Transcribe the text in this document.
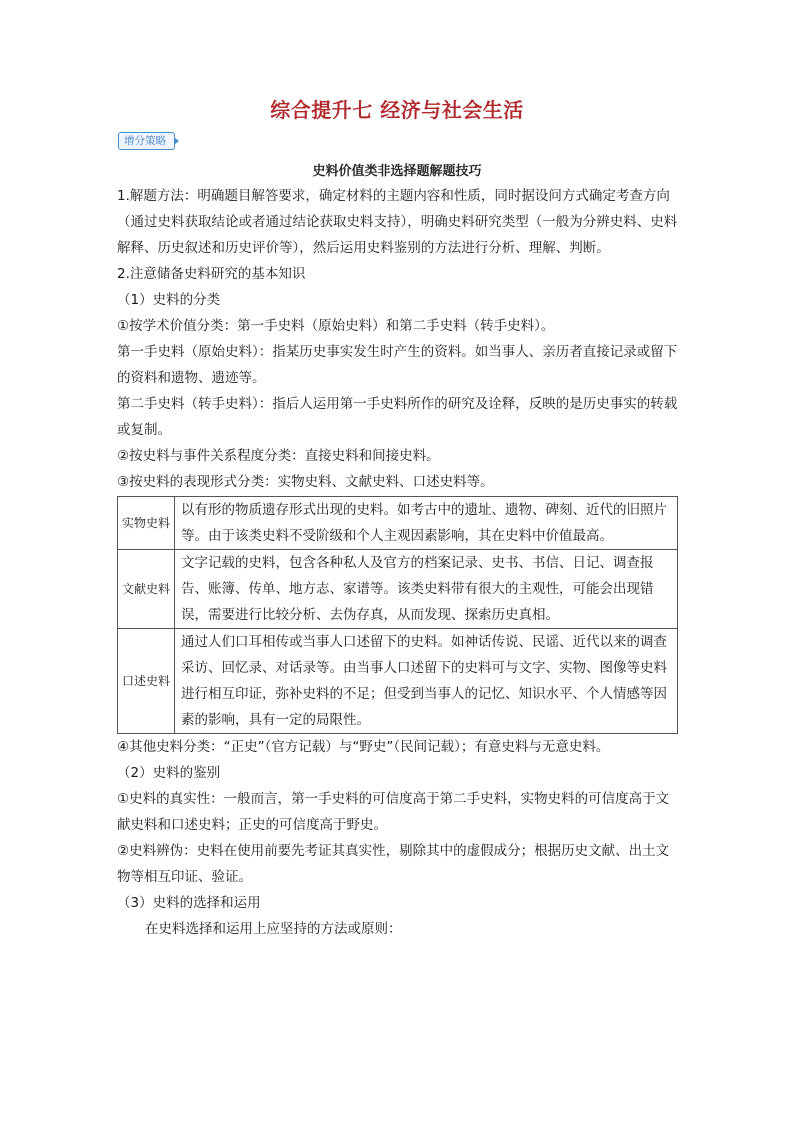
综合提升七 经济与社会生活
增分策略
史料价值类非选择题解题技巧

1.解题方法：明确题目解答要求，确定材料的主题内容和性质，同时据设问方式确定考查方向（通过史料获取结论或者通过结论获取史料支持），明确史料研究类型（一般为分辨史料、史料解释、历史叙述和历史评价等），然后运用史料鉴别的方法进行分析、理解、判断。

2.注意储备史料研究的基本知识

（1）史料的分类

①按学术价值分类：第一手史料（原始史料）和第二手史料（转手史料）。

第一手史料（原始史料）：指某历史事实发生时产生的资料。如当事人、亲历者直接记录或留下的资料和遗物、遗迹等。

第二手史料（转手史料）：指后人运用第一手史料所作的研究及诠释，反映的是历史事实的转载或复制。

②按史料与事件关系程度分类：直接史料和间接史料。

③按史料的表现形式分类：实物史料、文献史料、口述史料等。

实物史料	以有形的物质遗存形式出现的史料。如考古中的遗址、遗物、碑刻、近代的旧照片等。由于该类史料不受阶级和个人主观因素影响，其在史料中价值最高。
文献史料	文字记载的史料，包含各种私人及官方的档案记录、史书、书信、日记、调查报告、账簿、传单、地方志、家谱等。该类史料带有很大的主观性，可能会出现错误，需要进行比较分析、去伪存真，从而发现、探索历史真相。
口述史料	通过人们口耳相传或当事人口述留下的史料。如神话传说、民谣、近代以来的调查采访、回忆录、对话录等。由当事人口述留下的史料可与文字、实物、图像等史料进行相互印证，弥补史料的不足；但受到当事人的记忆、知识水平、个人情感等因素的影响，具有一定的局限性。

④其他史料分类：“正史”（官方记载）与“野史”（民间记载）；有意史料与无意史料。

（2）史料的鉴别

①史料的真实性：一般而言，第一手史料的可信度高于第二手史料，实物史料的可信度高于文献史料和口述史料；正史的可信度高于野史。

②史料辨伪：史料在使用前要先考证其真实性，剔除其中的虚假成分；根据历史文献、出土文物等相互印证、验证。

（3）史料的选择和运用

在史料选择和运用上应坚持的方法或原则：
